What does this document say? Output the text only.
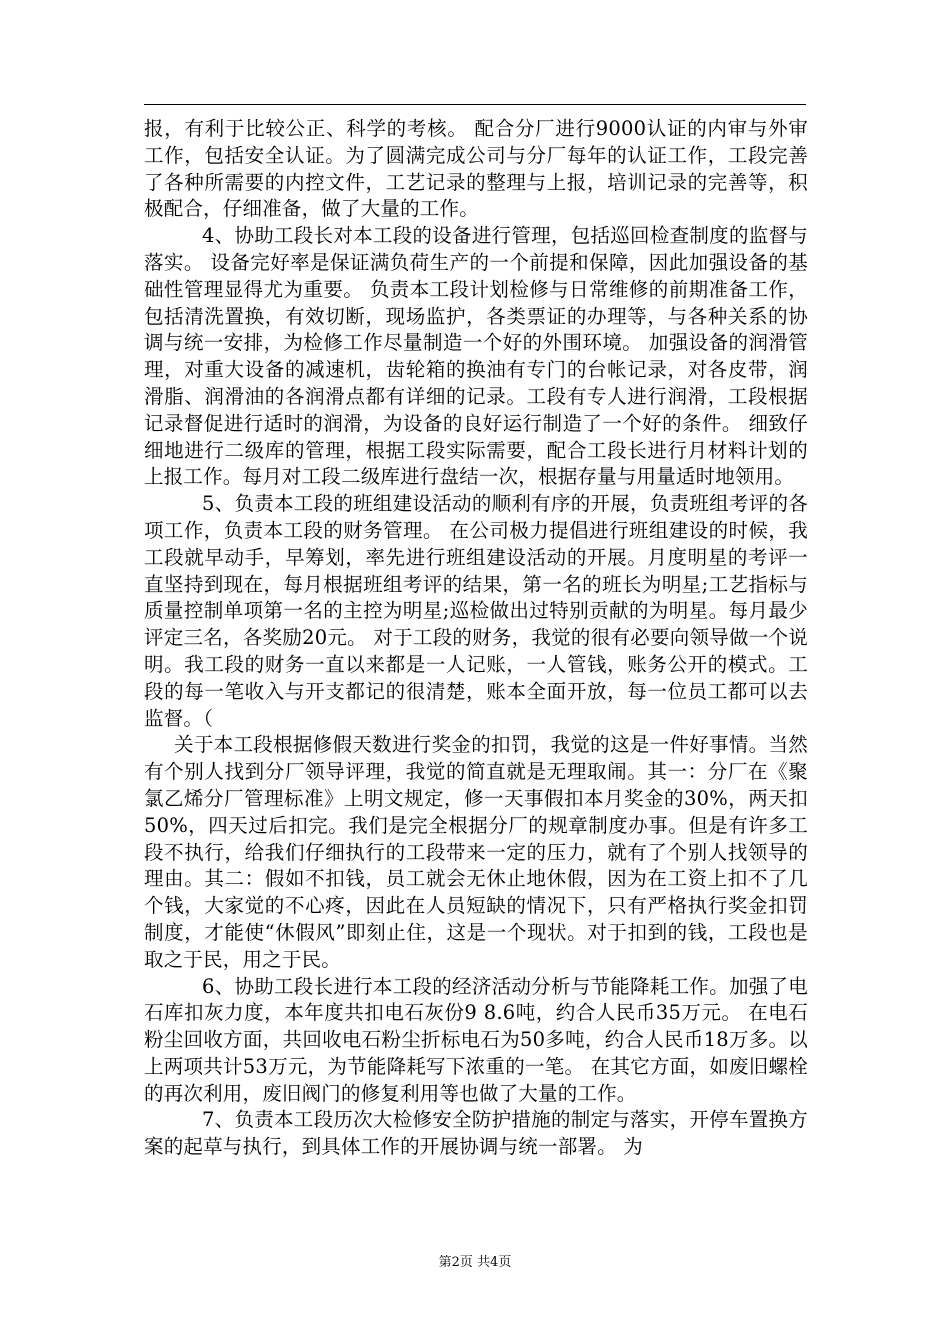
报，有利于比较公正、科学的考核。 配合分厂进行9000认证的内审与外审工作，包括安全认证。为了圆满完成公司与分厂每年的认证工作，工段完善了各种所需要的内控文件，工艺记录的整理与上报，培训记录的完善等，积极配合，仔细准备，做了大量的工作。

4、协助工段长对本工段的设备进行管理，包括巡回检查制度的监督与落实。 设备完好率是保证满负荷生产的一个前提和保障，因此加强设备的基础性管理显得尤为重要。 负责本工段计划检修与日常维修的前期准备工作，包括清洗置换，有效切断，现场监护，各类票证的办理等，与各种关系的协调与统一安排，为检修工作尽量制造一个好的外围环境。 加强设备的润滑管理，对重大设备的减速机，齿轮箱的换油有专门的台帐记录，对各皮带，润滑脂、润滑油的各润滑点都有详细的记录。工段有专人进行润滑，工段根据记录督促进行适时的润滑，为设备的良好运行制造了一个好的条件。 细致仔细地进行二级库的管理，根据工段实际需要，配合工段长进行月材料计划的上报工作。每月对工段二级库进行盘结一次，根据存量与用量适时地领用。

5、负责本工段的班组建设活动的顺利有序的开展，负责班组考评的各项工作，负责本工段的财务管理。 在公司极力提倡进行班组建设的时候，我工段就早动手，早筹划，率先进行班组建设活动的开展。月度明星的考评一直坚持到现在，每月根据班组考评的结果，第一名的班长为明星;工艺指标与质量控制单项第一名的主控为明星;巡检做出过特别贡献的为明星。每月最少评定三名，各奖励20元。 对于工段的财务，我觉的很有必要向领导做一个说明。我工段的财务一直以来都是一人记账，一人管钱，账务公开的模式。工段的每一笔收入与开支都记的很清楚，账本全面开放，每一位员工都可以去监督。（

关于本工段根据修假天数进行奖金的扣罚，我觉的这是一件好事情。当然有个别人找到分厂领导评理，我觉的简直就是无理取闹。其一：分厂在《聚氯乙烯分厂管理标准》上明文规定，修一天事假扣本月奖金的30%，两天扣50%，四天过后扣完。我们是完全根据分厂的规章制度办事。但是有许多工段不执行，给我们仔细执行的工段带来一定的压力，就有了个别人找领导的理由。其二：假如不扣钱，员工就会无休止地休假，因为在工资上扣不了几个钱，大家觉的不心疼，因此在人员短缺的情况下，只有严格执行奖金扣罚制度，才能使“休假风”即刻止住，这是一个现状。对于扣到的钱，工段也是取之于民，用之于民。

6、协助工段长进行本工段的经济活动分析与节能降耗工作。加强了电石库扣灰力度，本年度共扣电石灰份9 8.6吨，约合人民币35万元。 在电石粉尘回收方面，共回收电石粉尘折标电石为50多吨，约合人民币18万多。以上两项共计53万元，为节能降耗写下浓重的一笔。 在其它方面，如废旧螺栓的再次利用，废旧阀门的修复利用等也做了大量的工作。

7、负责本工段历次大检修安全防护措施的制定与落实，开停车置换方案的起草与执行，到具体工作的开展协调与统一部署。 为

第2页 共4页
